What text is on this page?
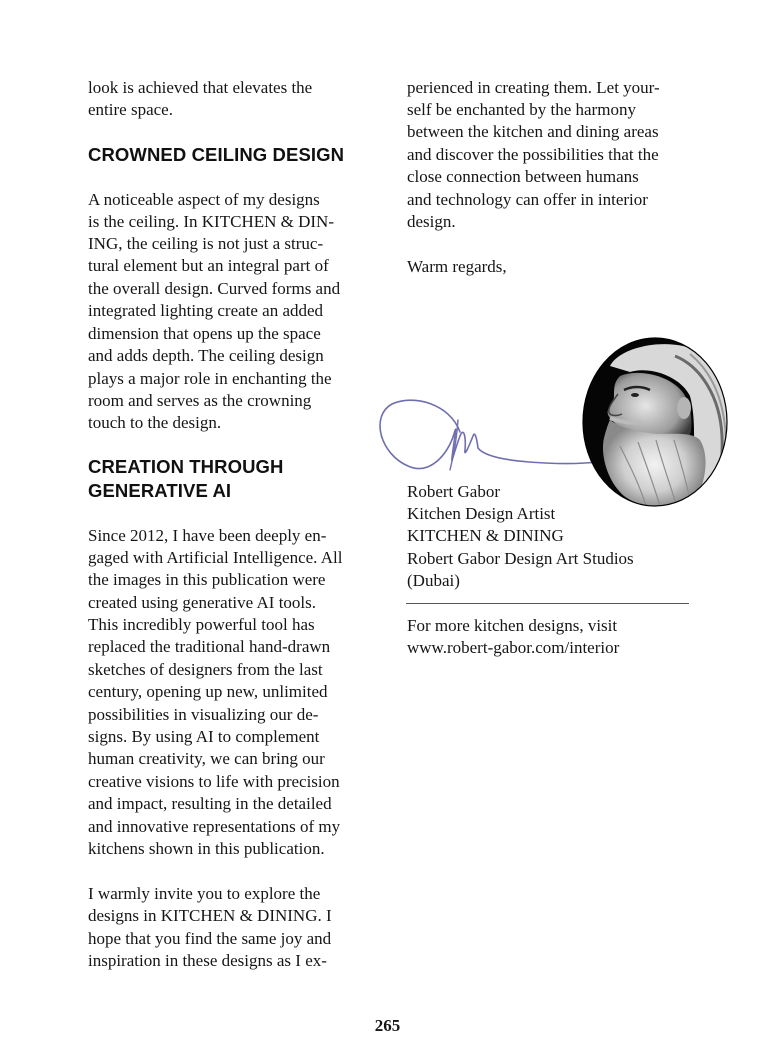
look is achieved that elevates the

entire space.

CROWNED CEILING DESIGN

A noticeable aspect of my designs

is the ceiling. In KITCHEN & DIN-

ING, the ceiling is not just a struc-

tural element but an integral part of

the overall design. Curved forms and

integrated lighting create an added

dimension that opens up the space

and adds depth. The ceiling design

plays a major role in enchanting the

room and serves as the crowning

touch to the design.

CREATION THROUGH
GENERATIVE AI

Since 2012, I have been deeply en-

gaged with Artificial Intelligence. All

the images in this publication were

created using generative AI tools.

This incredibly powerful tool has

replaced the traditional hand-drawn

sketches of designers from the last

century, opening up new, unlimited

possibilities in visualizing our de-

signs. By using AI to complement

human creativity, we can bring our

creative visions to life with precision

and impact, resulting in the detailed

and innovative representations of my

kitchens shown in this publication.

I warmly invite you to explore the

designs in KITCHEN & DINING. I

hope that you find the same joy and

inspiration in these designs as I ex-

perienced in creating them. Let your-

self be enchanted by the harmony

between the kitchen and dining areas

and discover the possibilities that the

close connection between humans

and technology can offer in interior

design.

Warm regards,

Robert Gabor

Kitchen Design Artist

KITCHEN & DINING

Robert Gabor Design Art Studios

(Dubai)

For more kitchen designs, visit

www.robert-gabor.com/interior

265
